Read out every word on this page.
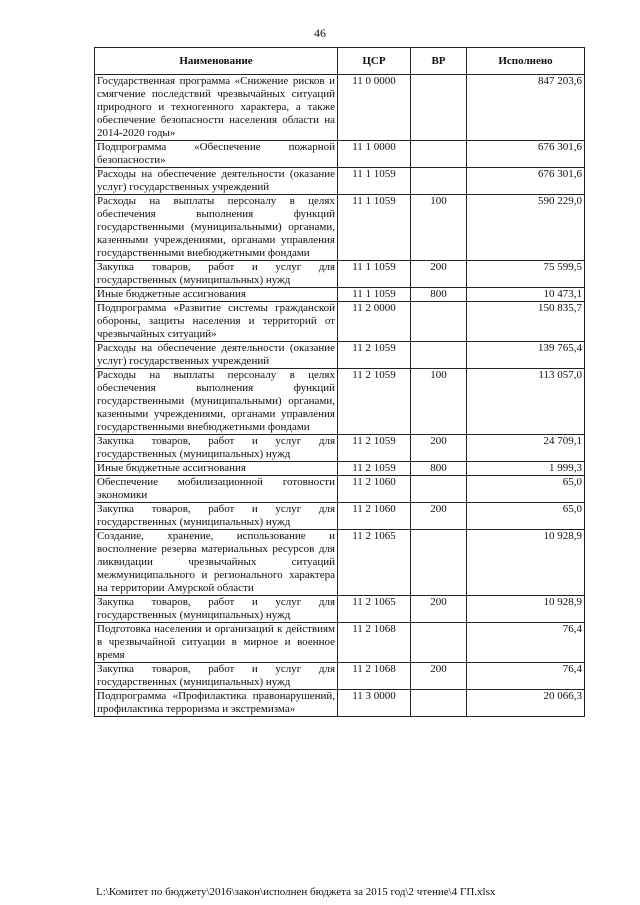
46
Наименование	ЦСР	ВР	Исполнено
Государственная программа «Снижение рисков и смягчение последствий чрезвычайных ситуаций природного и техногенного характера, а также обеспечение безопасности населения области на 2014-2020 годы»	11 0 0000		847 203,6
Подпрограмма «Обеспечение пожарной безопасности»	11 1 0000		676 301,6
Расходы на обеспечение деятельности (оказание услуг) государственных учреждений	11 1 1059		676 301,6
Расходы на выплаты персоналу в целях обеспечения выполнения функций государственными (муниципальными) органами, казенными учреждениями, органами управления государственными внебюджетными фондами	11 1 1059	100	590 229,0
Закупка товаров, работ и услуг для государственных (муниципальных) нужд	11 1 1059	200	75 599,5
Иные бюджетные ассигнования	11 1 1059	800	10 473,1
Подпрограмма «Развитие системы гражданской обороны, защиты населения и территорий от чрезвычайных ситуаций»	11 2 0000		150 835,7
Расходы на обеспечение деятельности (оказание услуг) государственных учреждений	11 2 1059		139 765,4
Расходы на выплаты персоналу в целях обеспечения выполнения функций государственными (муниципальными) органами, казенными учреждениями, органами управления государственными внебюджетными фондами	11 2 1059	100	113 057,0
Закупка товаров, работ и услуг для государственных (муниципальных) нужд	11 2 1059	200	24 709,1
Иные бюджетные ассигнования	11 2 1059	800	1 999,3
Обеспечение мобилизационной готовности экономики	11 2 1060		65,0
Закупка товаров, работ и услуг для государственных (муниципальных) нужд	11 2 1060	200	65,0
Создание, хранение, использование и восполнение резерва материальных ресурсов для ликвидации чрезвычайных ситуаций межмуниципального и регионального характера на территории Амурской области	11 2 1065		10 928,9
Закупка товаров, работ и услуг для государственных (муниципальных) нужд	11 2 1065	200	10 928,9
Подготовка населения и организаций к действиям в чрезвычайной ситуации в мирное и военное время	11 2 1068		76,4
Закупка товаров, работ и услуг для государственных (муниципальных) нужд	11 2 1068	200	76,4
Подпрограмма «Профилактика правонарушений, профилактика терроризма и экстремизма»	11 3 0000		20 066,3
L:\Комитет по бюджету\2016\закон\исполнен бюджета за 2015 год\2 чтение\4 ГП.xlsx
